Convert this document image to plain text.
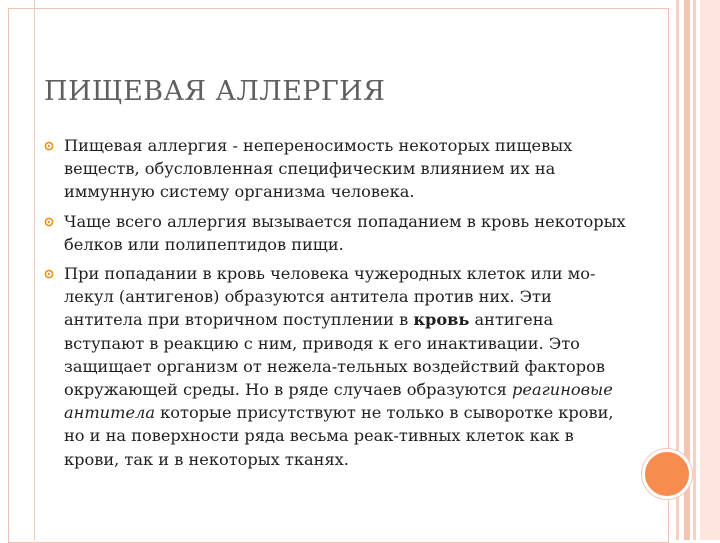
ПИЩЕВАЯ АЛЛЕРГИЯ
Пищевая аллергия - непереносимость некоторых пищевых веществ, обусловленная специфическим влиянием их на иммунную систему организма человека.
Чаще всего аллергия вызывается попаданием в кровь некоторых белков или полипептидов пищи.
При попадании в кровь человека чужеродных клеток или мо-лекул (антигенов) образуются антитела против них. Эти антитела при вторичном поступлении в кровь антигена вступают в реакцию с ним, приводя к его инактивации. Это защищает организм от нежела-тельных воздействий факторов окружающей среды. Но в ряде случаев образуются реагиновые антитела которые присутствуют не только в сыворотке крови, но и на поверхности ряда весьма реак-тивных клеток как в крови, так и в некоторых тканях.
